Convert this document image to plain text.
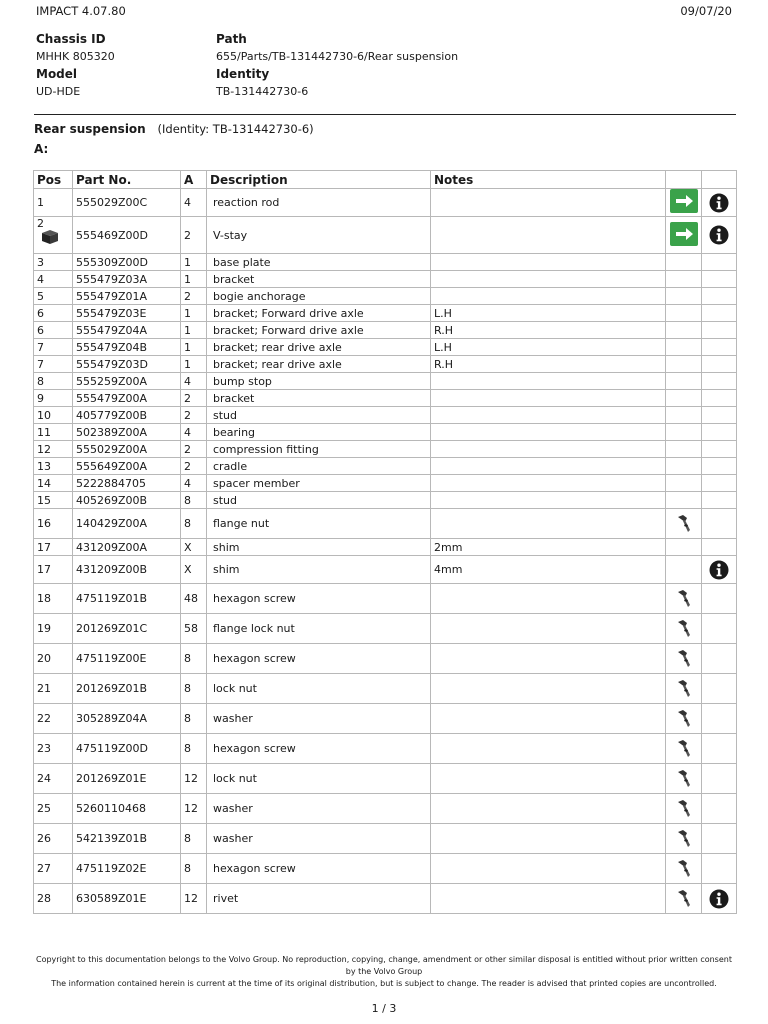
IMPACT 4.07.80	09/07/20
Chassis ID	Path
MHHK 805320	655/Parts/TB-131442730-6/Rear suspension
Model	Identity
UD-HDE	TB-131442730-6
Rear suspension (Identity: TB-131442730-6)
A:
Pos	Part No.	A	Description	Notes		
1	555029Z00C	4	reaction rod			

2	555469Z00D	2	V-stay			
3	555309Z00D	1	base plate			
4	555479Z03A	1	bracket			
5	555479Z01A	2	bogie anchorage			
6	555479Z03E	1	bracket; Forward drive axle	L.H		
6	555479Z04A	1	bracket; Forward drive axle	R.H		
7	555479Z04B	1	bracket; rear drive axle	L.H		
7	555479Z03D	1	bracket; rear drive axle	R.H		
8	555259Z00A	4	bump stop			
9	555479Z00A	2	bracket			
10	405779Z00B	2	stud			
11	502389Z00A	4	bearing			
12	555029Z00A	2	compression fitting			
13	555649Z00A	2	cradle			
14	5222884705	4	spacer member			
15	405269Z00B	8	stud			
16	140429Z00A	8	flange nut			
17	431209Z00A	X	shim	2mm		
17	431209Z00B	X	shim	4mm		
18	475119Z01B	48	hexagon screw			
19	201269Z01C	58	flange lock nut			
20	475119Z00E	8	hexagon screw			
21	201269Z01B	8	lock nut			
22	305289Z04A	8	washer			
23	475119Z00D	8	hexagon screw			
24	201269Z01E	12	lock nut			
25	5260110468	12	washer			
26	542139Z01B	8	washer			
27	475119Z02E	8	hexagon screw			
28	630589Z01E	12	rivet			
Copyright to this documentation belongs to the Volvo Group. No reproduction, copying, change, amendment or other similar disposal is entitled without prior written consent by the Volvo Group
The information contained herein is current at the time of its original distribution, but is subject to change. The reader is advised that printed copies are uncontrolled.
1 / 3
